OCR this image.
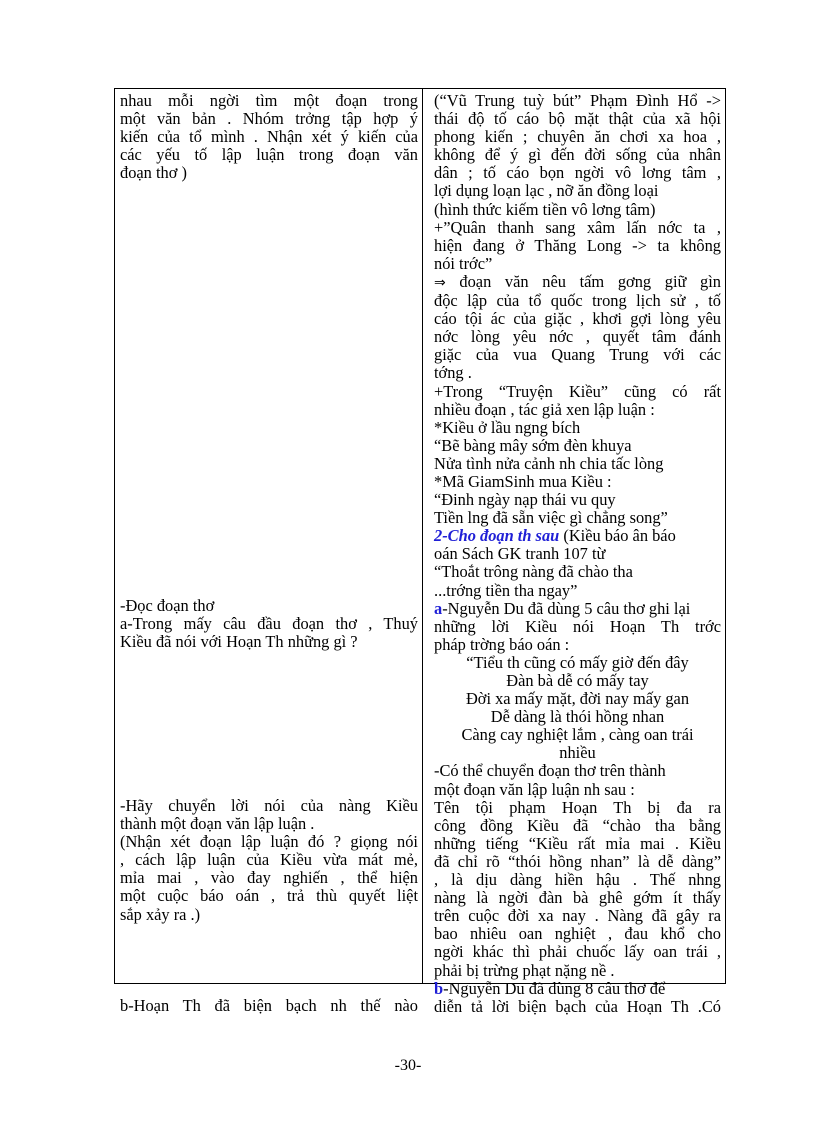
nhau mỗi ngời tìm một đoạn trong
một văn bản . Nhóm trởng tập hợp ý
kiến của tổ mình . Nhận xét ý kiến của
các yếu tố lập luận trong đoạn văn
đoạn thơ )
-Đọc đoạn thơ
a-Trong mấy câu đầu đoạn thơ , Thuý
Kiều đã nói với Hoạn Th những gì ?
-Hãy chuyển lời nói của nàng Kiều
thành một đoạn văn lập luận .
(Nhận xét đoạn lập luận đó ? giọng nói
, cách lập luận của Kiều vừa mát mẻ,
mỉa mai , vào đay nghiến , thể hiện
một cuộc báo oán , trả thù quyết liệt
sắp xảy ra .)
b-Hoạn Th đã biện bạch nh thế nào
(“Vũ Trung tuỳ bút” Phạm Đình Hổ ->
thái độ tố cáo bộ mặt thật của xã hội
phong kiến ; chuyên ăn chơi xa hoa ,
không để ý gì đến đời sống của nhân
dân ; tố cáo bọn ngời vô lơng tâm ,
lợi dụng loạn lạc , nỡ ăn đồng loại
(hình thức kiếm tiền vô lơng tâm)
+”Quân thanh sang xâm lấn nớc ta ,
hiện đang ở Thăng Long -> ta không
nói trớc”
⇒ đoạn văn nêu tấm gơng giữ gìn
độc lập của tổ quốc trong lịch sử , tố
cáo tội ác của giặc , khơi gợi lòng yêu
nớc lòng yêu nớc , quyết tâm đánh
giặc của vua Quang Trung với các
tớng .
+Trong “Truyện Kiều” cũng có rất
nhiều đoạn , tác giả xen lập luận :
*Kiều ở lầu ngng bích
“Bẽ bàng mây sớm đèn khuya
Nửa tình nửa cảnh nh chia tấc lòng
*Mã GiamSinh mua Kiều :
“Đinh ngày nạp thái vu quy
Tiền lng đã sẵn việc gì chẳng song”
2-Cho đoạn th sau (Kiều báo ân báo
oán Sách GK tranh 107 từ
“Thoắt trông nàng đã chào tha
...trớng tiền tha ngay”
a-Nguyễn Du đã dùng 5 câu thơ ghi lại
những lời Kiều nói Hoạn Th trớc
pháp trờng báo oán :
“Tiểu th cũng có mấy giờ đến đây
Đàn bà dễ có mấy tay
Đời xa mấy mặt, đời nay mấy gan
Dễ dàng là thói hồng nhan
Càng cay nghiệt lắm , càng oan trái
nhiều
-Có thể chuyển đoạn thơ trên thành
một đoạn văn lập luận nh sau :
Tên tội phạm Hoạn Th bị đa ra
công đồng Kiều đã “chào tha bằng
những tiếng “Kiều rất mỉa mai . Kiều
đã chỉ rõ “thói hồng nhan” là dễ dàng”
, là dịu dàng hiền hậu . Thế nhng
nàng là ngời đàn bà ghê gớm ít thấy
trên cuộc đời xa nay . Nàng đã gây ra
bao nhiêu oan nghiệt , đau khổ cho
ngời khác thì phải chuốc lấy oan trái ,
phải bị trừng phạt nặng nề .
b-Nguyễn Du đã dùng 8 câu thơ để
diễn tả lời biện bạch của Hoạn Th .Có
-30-
